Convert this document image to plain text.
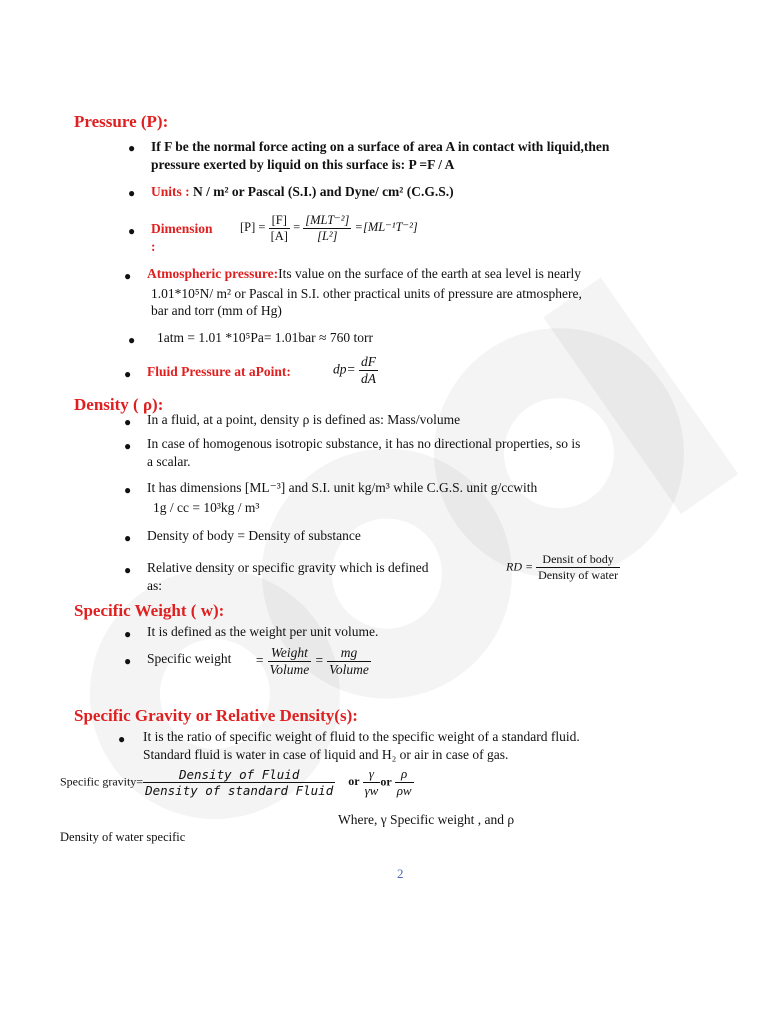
Pressure (P):
● If F be the normal force acting on a surface of area A in contact with liquid,then
pressure exerted by liquid on this surface is: P =F / A
● Units : N / m² or Pascal (S.I.) and Dyne/ cm² (C.G.S.)
● Dimension
:
$[P] = \frac{[F]}{[A]} = \frac{\text{[MLT⁻²]}}{\text{[L²]}} =[ML^{-1}T^{-2}]$
● Atmospheric pressure:Its value on the surface of the earth at sea level is nearly
1.01*10⁵N/ m² or Pascal in S.I. other practical units of pressure are atmosphere,
bar and torr (mm of Hg)
● 1atm = 1.01 *10⁵Pa= 1.01bar ≈ 760 torr
● Fluid Pressure at aPoint:	$dp= \frac{dF}{dA}$
Density ( ρ):
● In a fluid, at a point, density ρ is defined as: Mass/volume
● In case of homogenous isotropic substance, it has no directional properties, so is
a scalar.
● It has dimensions [ML⁻³] and S.I. unit kg/m³ while C.G.S. unit g/ccwith
1g / cc = 10³kg / m³
● Density of body = Density of substance
● Relative density or specific gravity which is defined
as:
RD = $\frac{\text{Densit of body}}{\text{Density of water}}$
Specific Weight ( w):
● It is defined as the weight per unit volume.
● Specific weight = $\frac{\text{Weight}}{\text{Volume}} = \frac{mg}{\text{Volume}}$
Specific Gravity or Relative Density(s):
● It is the ratio of specific weight of fluid to the specific weight of a standard fluid.
Standard fluid is water in case of liquid and H₂ or air in case of gas.
Specific gravity= $\frac{\text{Density of Fluid}}{\text{Density of standard Fluid}}$ or $\frac{\gamma}{\gamma w}$ or $\frac{\rho}{\rho w}$
Where, γ Specific weight , and ρ
Density of water specific
2
